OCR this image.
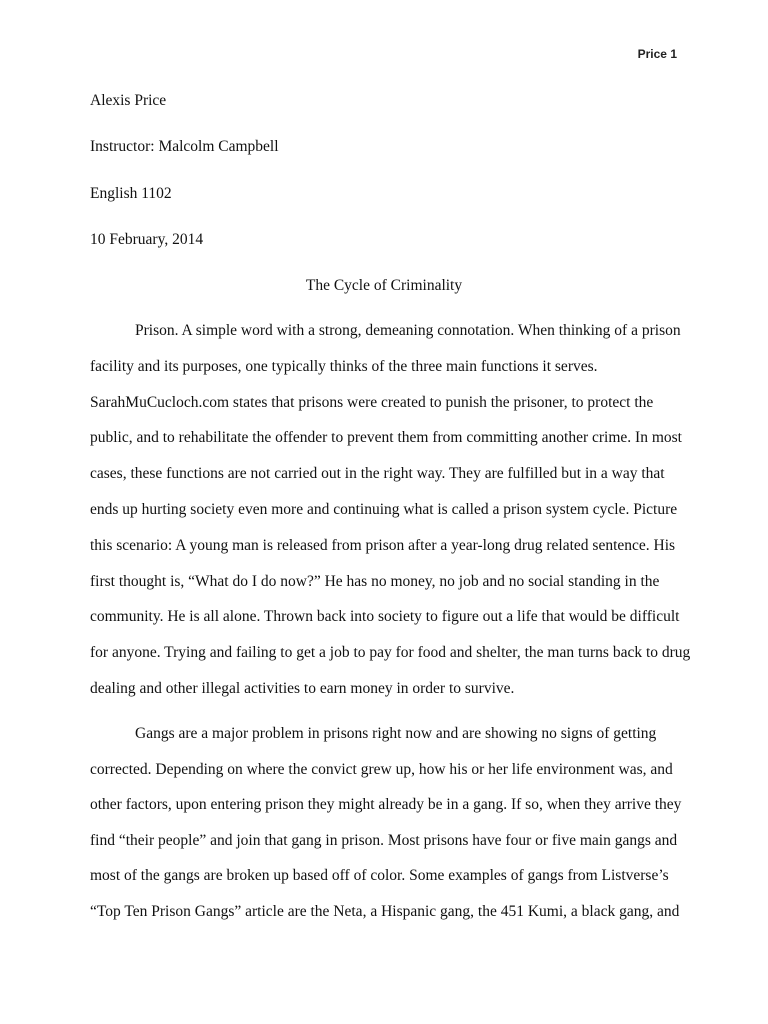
Price 1
Alexis Price
Instructor: Malcolm Campbell
English 1102
10 February, 2014
The Cycle of Criminality
Prison. A simple word with a strong, demeaning connotation. When thinking of a prison
facility and its purposes, one typically thinks of the three main functions it serves.
SarahMuCucloch.com states that prisons were created to punish the prisoner, to protect the
public, and to rehabilitate the offender to prevent them from committing another crime. In most
cases, these functions are not carried out in the right way. They are fulfilled but in a way that
ends up hurting society even more and continuing what is called a prison system cycle. Picture
this scenario: A young man is released from prison after a year-long drug related sentence. His
first thought is, “What do I do now?” He has no money, no job and no social standing in the
community. He is all alone. Thrown back into society to figure out a life that would be difficult
for anyone. Trying and failing to get a job to pay for food and shelter, the man turns back to drug
dealing and other illegal activities to earn money in order to survive.
Gangs are a major problem in prisons right now and are showing no signs of getting
corrected. Depending on where the convict grew up, how his or her life environment was, and
other factors, upon entering prison they might already be in a gang. If so, when they arrive they
find “their people” and join that gang in prison. Most prisons have four or five main gangs and
most of the gangs are broken up based off of color. Some examples of gangs from Listverse’s
“Top Ten Prison Gangs” article are the Neta, a Hispanic gang, the 451 Kumi, a black gang, and
